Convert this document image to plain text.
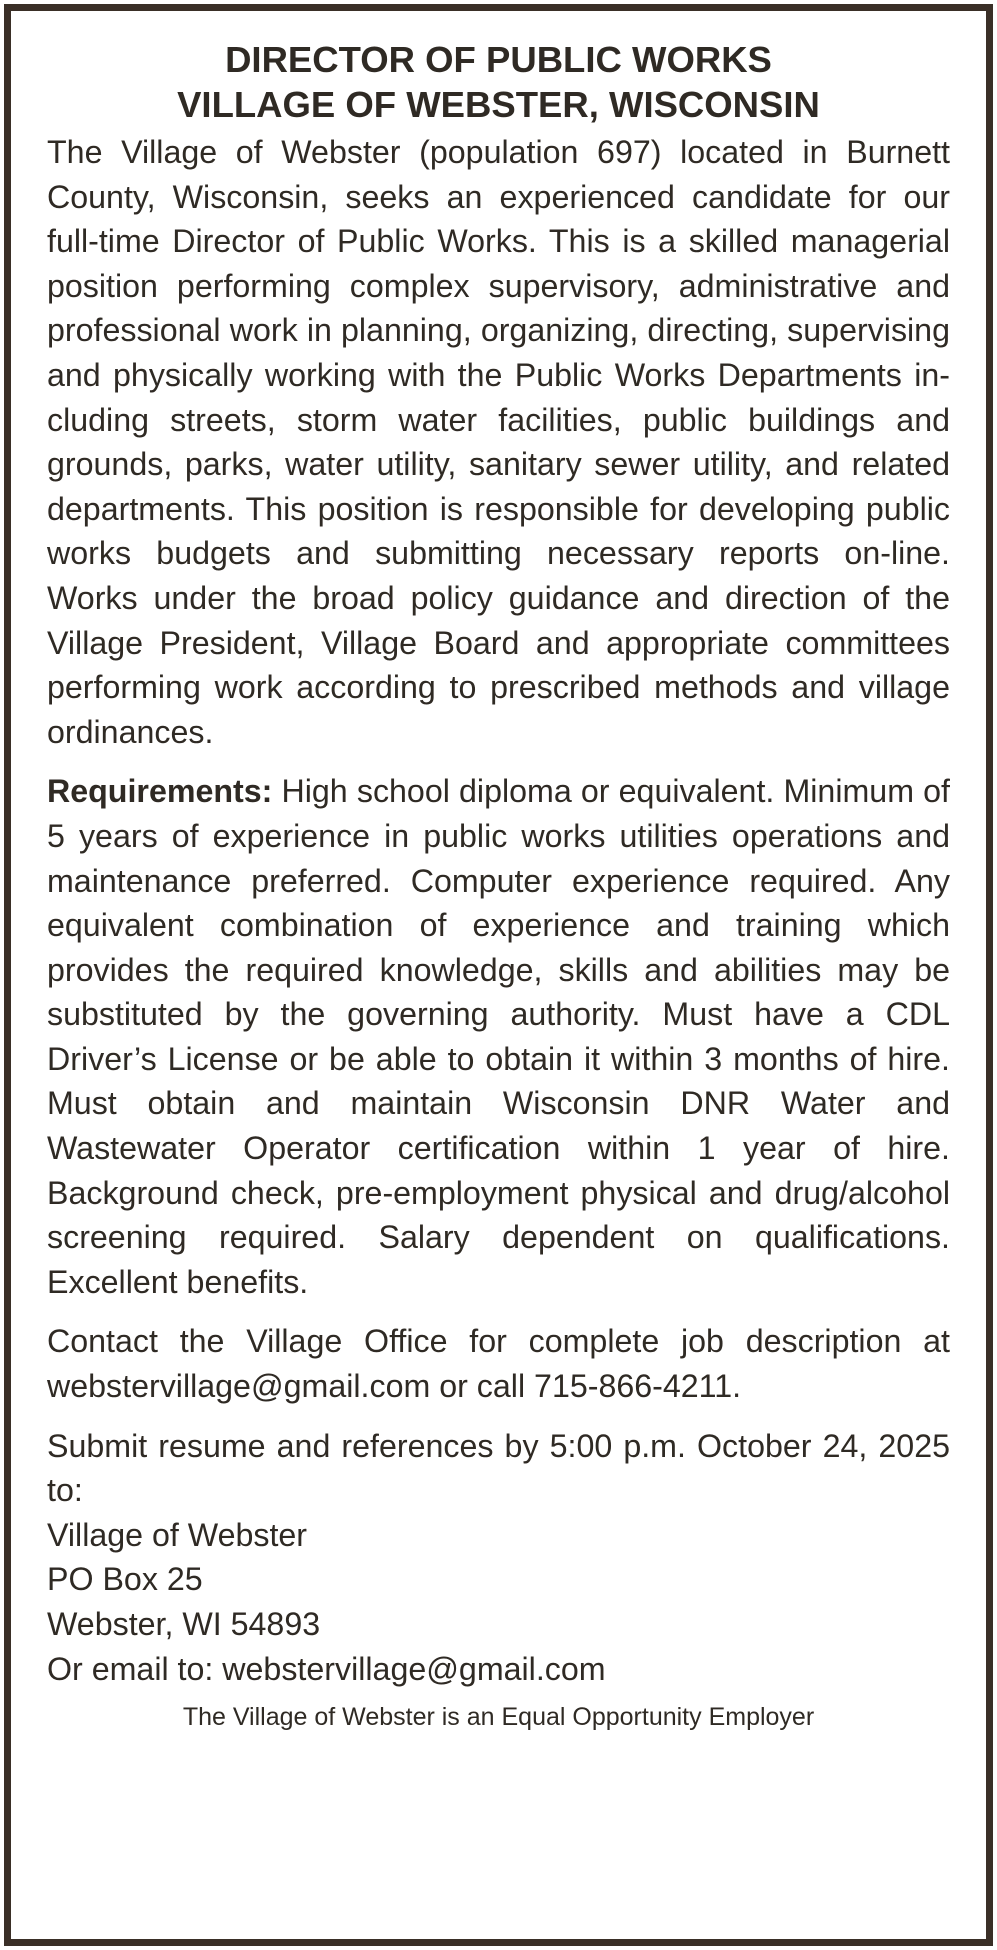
DIRECTOR OF PUBLIC WORKS
VILLAGE OF WEBSTER, WISCONSIN

The Village of Webster (population 697) located in Burnett County, Wisconsin, seeks an experienced candidate for our full-time Director of Public Works. This is a skilled managerial position performing complex supervisory, administrative and professional work in planning, organizing, directing, supervising and physically working with the Public Works Departments including streets, storm water facilities, public buildings and grounds, parks, water utility, sanitary sewer utility, and related departments. This position is responsible for developing public works budgets and submitting necessary reports on-line. Works under the broad policy guidance and direction of the Village President, Village Board and appropriate committees performing work according to prescribed methods and village ordinances.

Requirements: High school diploma or equivalent. Minimum of 5 years of experience in public works utilities operations and maintenance preferred. Computer experience required. Any equivalent combination of experience and training which provides the required knowledge, skills and abilities may be substituted by the governing authority. Must have a CDL Driver’s License or be able to obtain it within 3 months of hire. Must obtain and maintain Wisconsin DNR Water and Wastewater Operator certification within 1 year of hire. Background check, pre-employment physical and drug/alcohol screening required. Salary dependent on qualifications. Excellent benefits.

Contact the Village Office for complete job description at webstervillage@gmail.com or call 715-866-4211.

Submit resume and references by 5:00 p.m. October 24, 2025 to:
Village of Webster
PO Box 25
Webster, WI 54893
Or email to: webstervillage@gmail.com
The Village of Webster is an Equal Opportunity Employer
